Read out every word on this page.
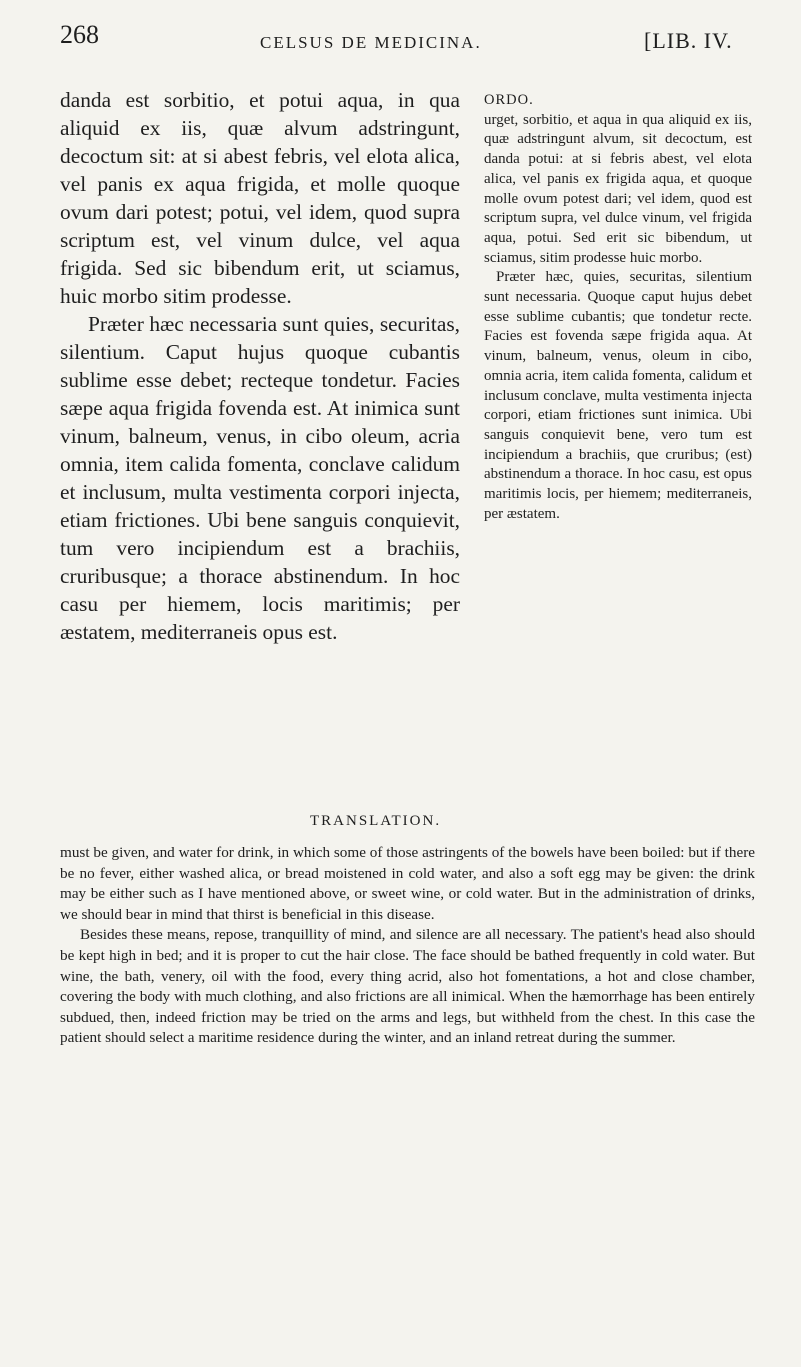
268	CELSUS DE MEDICINA.	[LIB. IV.

danda est sorbitio, et potui aqua, in qua aliquid ex iis, quæ alvum adstringunt, decoctum sit: at si abest febris, vel elota alica, vel panis ex aqua frigida, et molle quoque ovum dari potest; potui, vel idem, quod supra scriptum est, vel vinum dulce, vel aqua frigida. Sed sic bibendum erit, ut sciamus, huic morbo sitim prodesse.

Præter hæc necessaria sunt quies, securitas, silentium. Caput hujus quoque cubantis sublime esse debet; recteque tondetur. Facies sæpe aqua frigida fovenda est. At inimica sunt vinum, balneum, venus, in cibo oleum, acria omnia, item calida fomenta, conclave calidum et inclusum, multa vestimenta corpori injecta, etiam frictiones. Ubi bene sanguis conquievit, tum vero incipiendum est a brachiis, cruribusque; a thorace abstinendum. In hoc casu per hiemem, locis maritimis; per æstatem, mediterraneis opus est.

ORDO.

urget, sorbitio, et aqua in qua aliquid ex iis, quæ adstringunt alvum, sit decoctum, est danda potui: at si febris abest, vel elota alica, vel panis ex frigida aqua, et quoque molle ovum potest dari; vel idem, quod est scriptum supra, vel dulce vinum, vel frigida aqua, potui. Sed erit sic bibendum, ut sciamus, sitim prodesse huic morbo.

Præter hæc, quies, securitas, silentium sunt necessaria. Quoque caput hujus debet esse sublime cubantis; que tondetur recte. Facies est fovenda sæpe frigida aqua. At vinum, balneum, venus, oleum in cibo, omnia acria, item calida fomenta, calidum et inclusum conclave, multa vestimenta injecta corpori, etiam frictiones sunt inimica. Ubi sanguis conquievit bene, vero tum est incipiendum a brachiis, que cruribus; (est) abstinendum a thorace. In hoc casu, est opus maritimis locis, per hiemem; mediterraneis, per æstatem.

TRANSLATION.

must be given, and water for drink, in which some of those astringents of the bowels have been boiled: but if there be no fever, either washed alica, or bread moistened in cold water, and also a soft egg may be given: the drink may be either such as I have mentioned above, or sweet wine, or cold water. But in the administration of drinks, we should bear in mind that thirst is beneficial in this disease.

Besides these means, repose, tranquillity of mind, and silence are all necessary. The patient's head also should be kept high in bed; and it is proper to cut the hair close. The face should be bathed frequently in cold water. But wine, the bath, venery, oil with the food, every thing acrid, also hot fomentations, a hot and close chamber, covering the body with much clothing, and also frictions are all inimical. When the hæmorrhage has been entirely subdued, then, indeed friction may be tried on the arms and legs, but withheld from the chest. In this case the patient should select a maritime residence during the winter, and an inland retreat during the summer.
